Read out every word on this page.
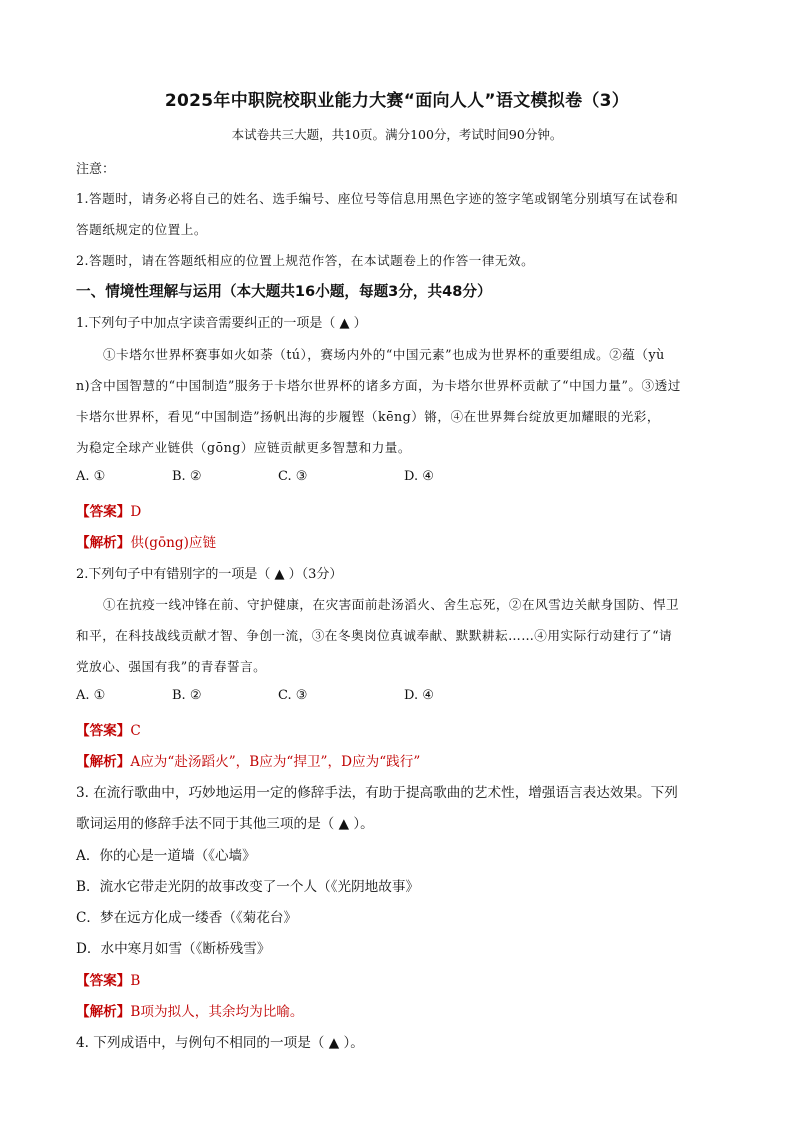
2025年中职院校职业能力大赛“面向人人”语文模拟卷（3）
本试卷共三大题，共10页。满分100分，考试时间90分钟。
注意：
1.答题时，请务必将自己的姓名、选手编号、座位号等信息用黑色字迹的签字笔或钢笔分别填写在试卷和
答题纸规定的位置上。
2.答题时，请在答题纸相应的位置上规范作答，在本试题卷上的作答一律无效。
一、情境性理解与运用（本大题共16小题，每题3分，共48分）
1.下列句子中加点字读音需要纠正的一项是（ ▲ ）
①卡塔尔世界杯赛事如火如荼（tú），赛场内外的“中国元素”也成为世界杯的重要组成。②蕴（yù
n)含中国智慧的“中国制造”服务于卡塔尔世界杯的诸多方面，为卡塔尔世界杯贡献了“中国力量”。③透过
卡塔尔世界杯，看见“中国制造”扬帆出海的步履铿（kēng）锵，④在世界舞台绽放更加耀眼的光彩，
为稳定全球产业链供（gōng）应链贡献更多智慧和力量。
A. ①	B. ②	C. ③	D. ④
【答案】D
【解析】供(gōng)应链
2.下列句子中有错别字的一项是（ ▲ ）（3分）
①在抗疫一线冲锋在前、守护健康，在灾害面前赴汤滔火、舍生忘死，②在风雪边关献身国防、悍卫
和平，在科技战线贡献才智、争创一流，③在冬奥岗位真诚奉献、默默耕耘……④用实际行动建行了“请
党放心、强国有我”的青春誓言。
A. ①	B. ②	C. ③	D. ④
【答案】C
【解析】A应为“赴汤蹈火”，B应为“捍卫”，D应为“践行”
3. 在流行歌曲中，巧妙地运用一定的修辞手法，有助于提高歌曲的艺术性，增强语言表达效果。下列
歌词运用的修辞手法不同于其他三项的是（ ▲ ）。
A．你的心是一道墙（《心墙》
B．流水它带走光阴的故事改变了一个人（《光阴地故事》
C．梦在远方化成一缕香（《菊花台》
D．水中寒月如雪（《断桥残雪》
【答案】B
【解析】B项为拟人，其余均为比喻。
4. 下列成语中，与例句不相同的一项是（ ▲ ）。
